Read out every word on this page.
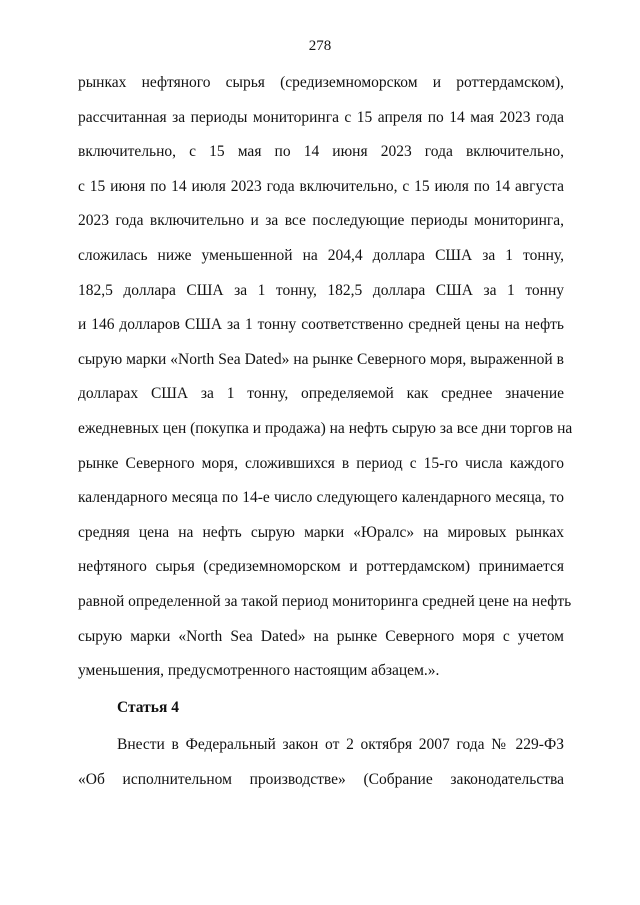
278
рынках нефтяного сырья (средиземноморском и роттердамском),
рассчитанная за периоды мониторинга с 15 апреля по 14 мая 2023 года
включительно, с 15 мая по 14 июня 2023 года включительно,
с 15 июня по 14 июля 2023 года включительно, с 15 июля по 14 августа
2023 года включительно и за все последующие периоды мониторинга,
сложилась ниже уменьшенной на 204,4 доллара США за 1 тонну,
182,5 доллара США за 1 тонну, 182,5 доллара США за 1 тонну
и 146 долларов США за 1 тонну соответственно средней цены на нефть
сырую марки «North Sea Dated» на рынке Северного моря, выраженной в
долларах США за 1 тонну, определяемой как среднее значение
ежедневных цен (покупка и продажа) на нефть сырую за все дни торгов на
рынке Северного моря, сложившихся в период с 15-го числа каждого
календарного месяца по 14-е число следующего календарного месяца, то
средняя цена на нефть сырую марки «Юралс» на мировых рынках
нефтяного сырья (средиземноморском и роттердамском) принимается
равной определенной за такой период мониторинга средней цене на нефть
сырую марки «North Sea Dated» на рынке Северного моря с учетом
уменьшения, предусмотренного настоящим абзацем.».
Статья 4
Внести в Федеральный закон от 2 октября 2007 года № 229-ФЗ
«Об исполнительном производстве» (Собрание законодательства
